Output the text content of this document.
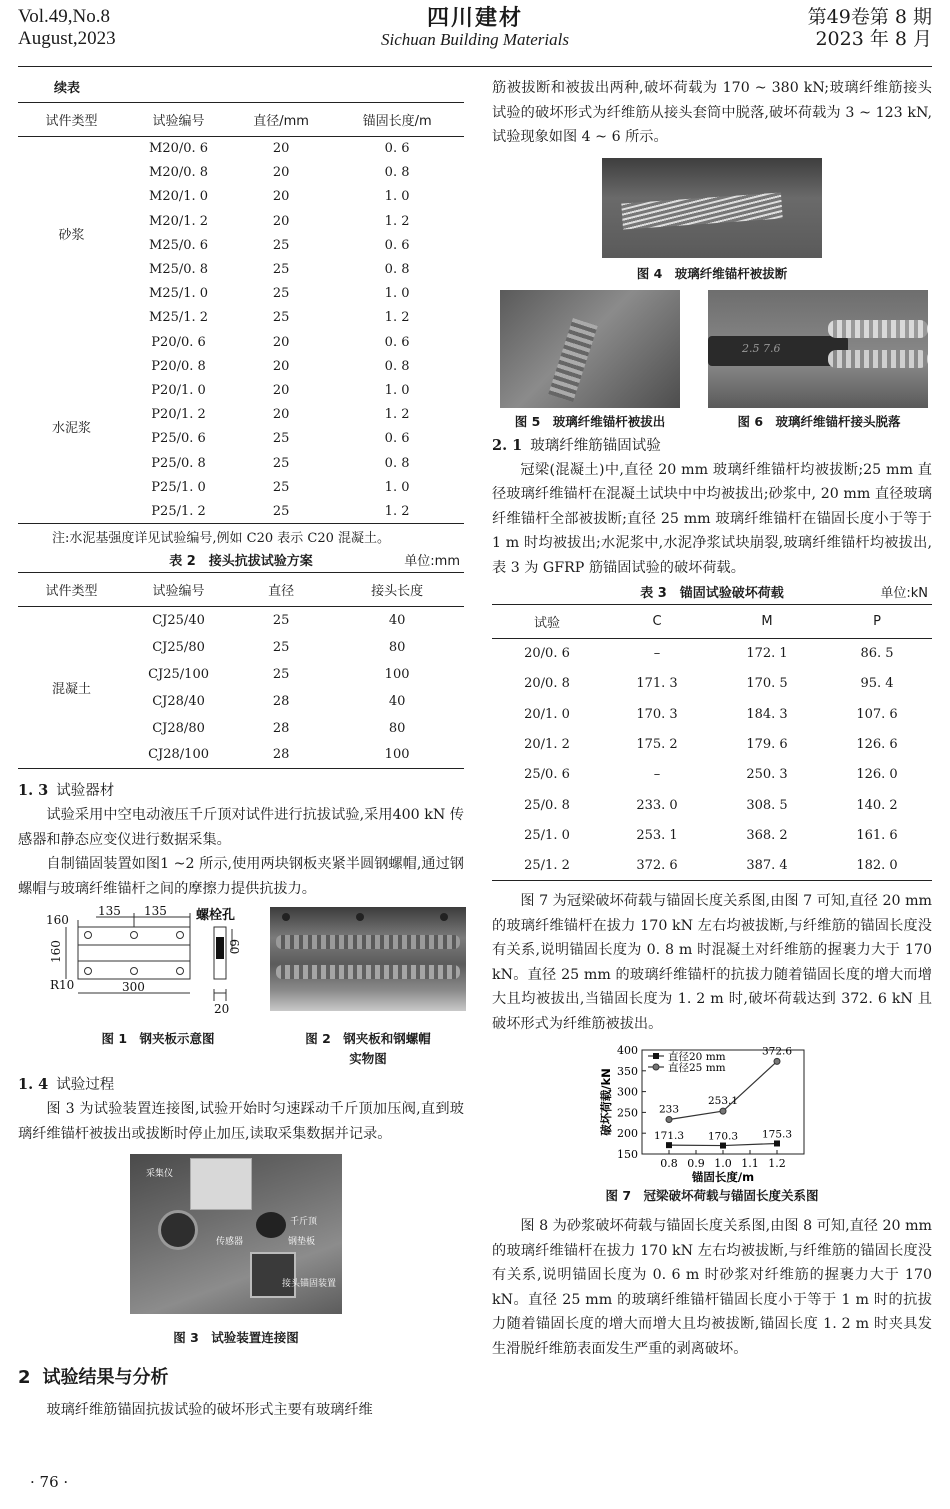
Vol.49,No.8
August,2023
四川建材
Sichuan Building Materials
第49卷第 8 期
2023 年 8 月
续表
试件类型	试验编号	直径/mm	锚固长度/m
砂浆	M20/0. 6	20	0. 6
	M20/0. 8	20	0. 8
	M20/1. 0	20	1. 0
	M20/1. 2	20	1. 2
	M25/0. 6	25	0. 6
	M25/0. 8	25	0. 8
	M25/1. 0	25	1. 0
	M25/1. 2	25	1. 2
水泥浆	P20/0. 6	20	0. 6
	P20/0. 8	20	0. 8
	P20/1. 0	20	1. 0
	P20/1. 2	20	1. 2
	P25/0. 6	25	0. 6
	P25/0. 8	25	0. 8
	P25/1. 0	25	1. 0
	P25/1. 2	25	1. 2
注:水泥基强度详见试验编号,例如 C20 表示 C20 混凝土。
表 2　接头抗拔试验方案	单位:mm
试件类型	试验编号	直径	接头长度
混凝土	CJ25/40	25	40
	CJ25/80	25	80
	CJ25/100	25	100
	CJ28/40	28	40
	CJ28/80	28	80
	CJ28/100	28	100
1. 3 试验器材

试验采用中空电动液压千斤顶对试件进行抗拔试验,采用400 kN 传感器和静态应变仪进行数据采集。

自制锚固装置如图1 ~2 所示,使用两块钢板夹紧半圆钢螺帽,通过钢螺帽与玻璃纤维锚杆之间的摩擦力提供抗拔力。

160
135 135
160
R10	300
60
20
螺栓孔
图 1　钢夹板示意图	图 2　钢夹板和钢螺帽
实物图
1. 4 试验过程

图 3 为试验装置连接图,试验开始时匀速踩动千斤顶加压阀,直到玻璃纤维锚杆被拔出或拔断时停止加压,读取采集数据并记录。

采集仪
千斤顶
传感器	钢垫板
接头锚固装置
图 3　试验装置连接图
2 试验结果与分析

玻璃纤维筋锚固抗拔试验的破坏形式主要有玻璃纤维

筋被拔断和被拔出两种,破坏荷载为 170 ~ 380 kN;玻璃纤维筋接头试验的破坏形式为纤维筋从接头套筒中脱落,破坏荷载为 3 ~ 123 kN,试验现象如图 4 ~ 6 所示。

图 4　玻璃纤维锚杆被拔断
2.5 7.6
图 5　玻璃纤维锚杆被拔出	图 6　玻璃纤维锚杆接头脱落
2. 1 玻璃纤维筋锚固试验

冠梁(混凝土)中,直径 20 mm 玻璃纤维锚杆均被拔断;25 mm 直径玻璃纤维锚杆在混凝土试块中中均被拔出;砂浆中, 20 mm 直径玻璃纤维锚杆全部被拔断;直径 25 mm 玻璃纤维锚杆在锚固长度小于等于 1 m 时均被拔出;水泥浆中,水泥净浆试块崩裂,玻璃纤维锚杆均被拔出,表 3 为 GFRP 筋锚固试验的破坏荷载。

表 3　锚固试验破坏荷载	单位:kN
试验	C	M	P
20/0. 6	–	172. 1	86. 5
20/0. 8	171. 3	170. 5	95. 4
20/1. 0	170. 3	184. 3	107. 6
20/1. 2	175. 2	179. 6	126. 6
25/0. 6	–	250. 3	126. 0
25/0. 8	233. 0	308. 5	140. 2
25/1. 0	253. 1	368. 2	161. 6
25/1. 2	372. 6	387. 4	182. 0

图 7 为冠梁破坏荷载与锚固长度关系图,由图 7 可知,直径 20 mm 的玻璃纤维锚杆在拔力 170 kN 左右均被拔断,与纤维筋的锚固长度没有关系,说明锚固长度为 0. 8 m 时混凝土对纤维筋的握裹力大于 170 kN。直径 25 mm 的玻璃纤维锚杆的抗拔力随着锚固长度的增大而增大且均被拔出,当锚固长度为 1. 2 m 时,破坏荷载达到 372. 6 kN 且破坏形式为纤维筋被拔出。

150
200
250
300
350
400
0.8 0.9 1.0 1.1 1.2
锚固长度/m
破坏荷载/kN
171.3 170.3 175.3
直径20 mm
233
253.1
372.6
直径25 mm
图 7　冠梁破坏荷载与锚固长度关系图

图 8 为砂浆破坏荷载与锚固长度关系图,由图 8 可知,直径 20 mm 的玻璃纤维锚杆在拔力 170 kN 左右均被拔断,与纤维筋的锚固长度没有关系,说明锚固长度为 0. 6 m 时砂浆对纤维筋的握裹力大于 170 kN。直径 25 mm 的玻璃纤维锚杆锚固长度小于等于 1 m 时的抗拔力随着锚固长度的增大而增大且均被拔断,锚固长度 1. 2 m 时夹具发生滑脱纤维筋表面发生严重的剥离破坏。

· 76 ·
